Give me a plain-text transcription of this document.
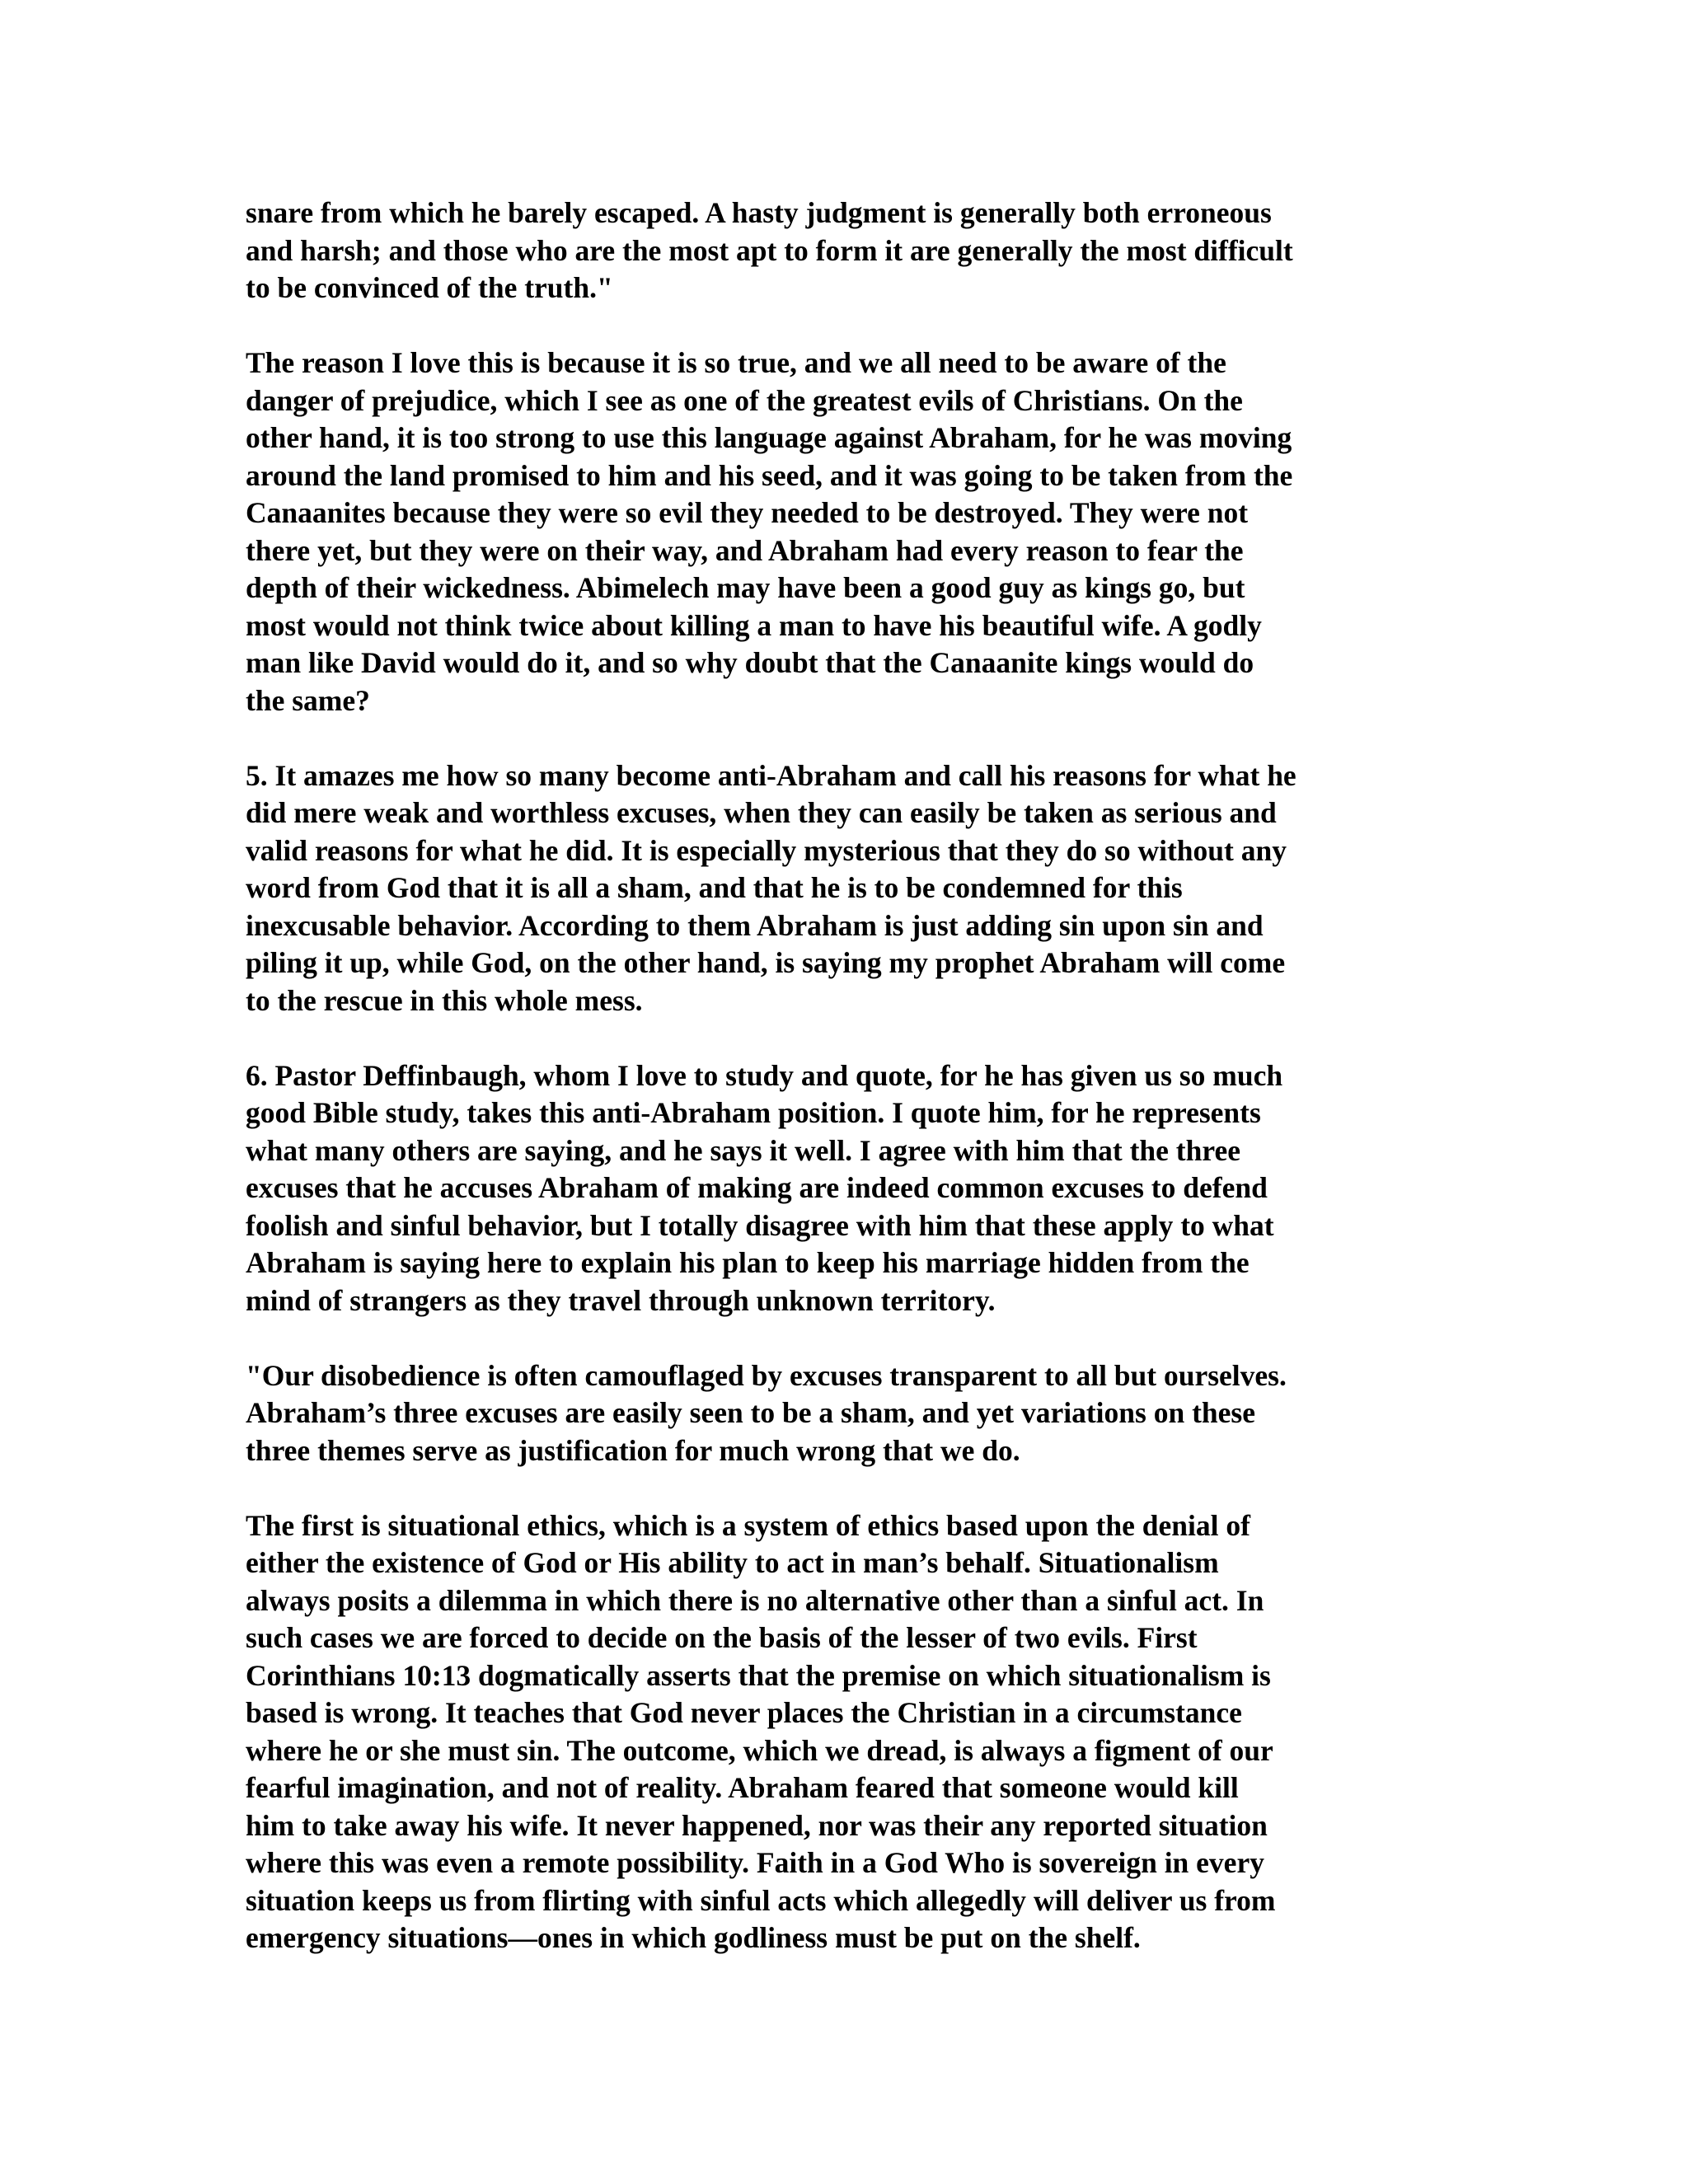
snare from which he barely escaped. A hasty judgment is generally both erroneous
and harsh; and those who are the most apt to form it are generally the most difficult
to be convinced of the truth."
The reason I love this is because it is so true, and we all need to be aware of the
danger of prejudice, which I see as one of the greatest evils of Christians. On the
other hand, it is too strong to use this language against Abraham, for he was moving
around the land promised to him and his seed, and it was going to be taken from the
Canaanites because they were so evil they needed to be destroyed. They were not
there yet, but they were on their way, and Abraham had every reason to fear the
depth of their wickedness. Abimelech may have been a good guy as kings go, but
most would not think twice about killing a man to have his beautiful wife. A godly
man like David would do it, and so why doubt that the Canaanite kings would do
the same?
5. It amazes me how so many become anti-Abraham and call his reasons for what he
did mere weak and worthless excuses, when they can easily be taken as serious and
valid reasons for what he did. It is especially mysterious that they do so without any
word from God that it is all a sham, and that he is to be condemned for this
inexcusable behavior. According to them Abraham is just adding sin upon sin and
piling it up, while God, on the other hand, is saying my prophet Abraham will come
to the rescue in this whole mess.
6. Pastor Deffinbaugh, whom I love to study and quote, for he has given us so much
good Bible study, takes this anti-Abraham position. I quote him, for he represents
what many others are saying, and he says it well. I agree with him that the three
excuses that he accuses Abraham of making are indeed common excuses to defend
foolish and sinful behavior, but I totally disagree with him that these apply to what
Abraham is saying here to explain his plan to keep his marriage hidden from the
mind of strangers as they travel through unknown territory.
"Our disobedience is often camouflaged by excuses transparent to all but ourselves.
Abraham’s three excuses are easily seen to be a sham, and yet variations on these
three themes serve as justification for much wrong that we do.
The first is situational ethics, which is a system of ethics based upon the denial of
either the existence of God or His ability to act in man’s behalf. Situationalism
always posits a dilemma in which there is no alternative other than a sinful act. In
such cases we are forced to decide on the basis of the lesser of two evils. First
Corinthians 10:13 dogmatically asserts that the premise on which situationalism is
based is wrong. It teaches that God never places the Christian in a circumstance
where he or she must sin. The outcome, which we dread, is always a figment of our
fearful imagination, and not of reality. Abraham feared that someone would kill
him to take away his wife. It never happened, nor was their any reported situation
where this was even a remote possibility. Faith in a God Who is sovereign in every
situation keeps us from flirting with sinful acts which allegedly will deliver us from
emergency situations—ones in which godliness must be put on the shelf.
